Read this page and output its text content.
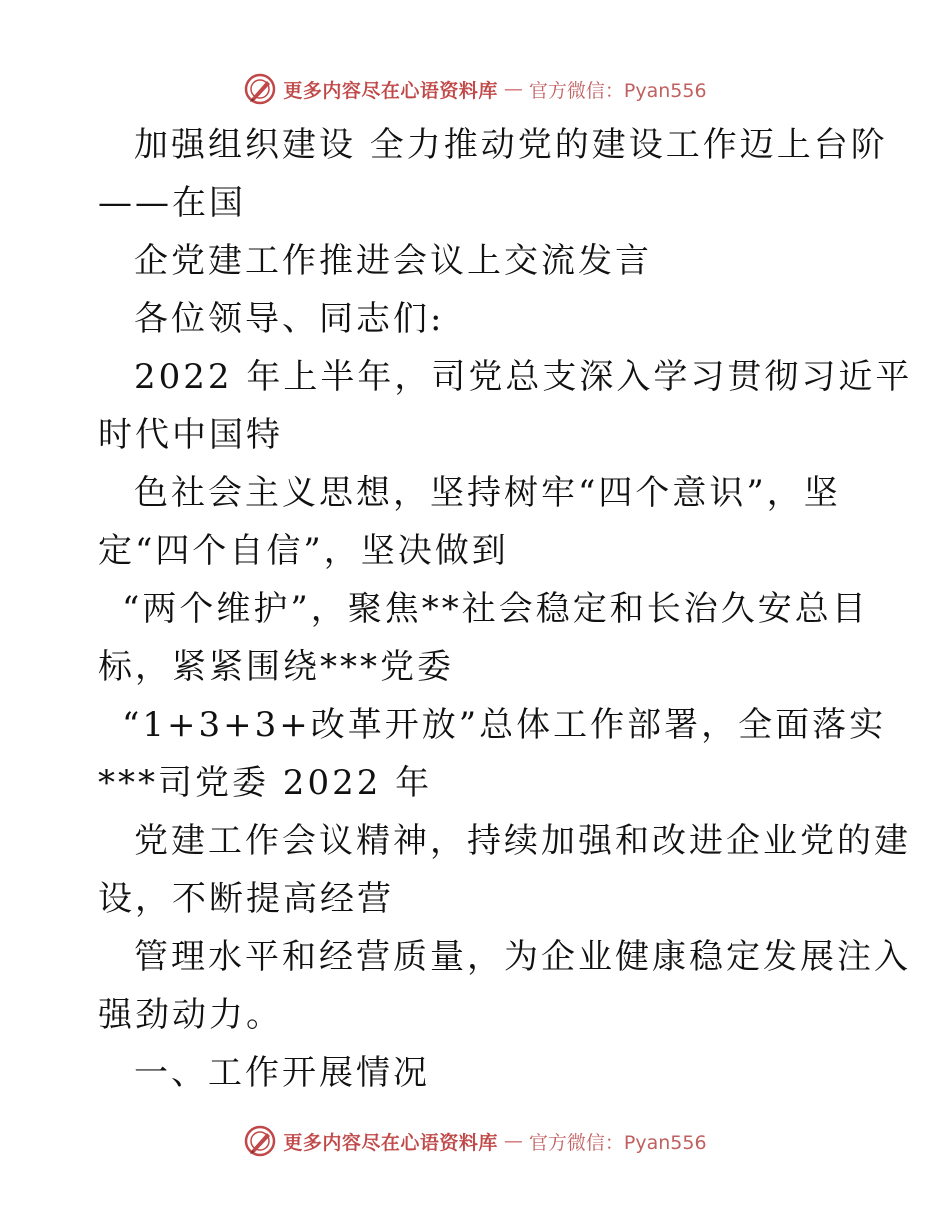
更多内容尽在心语资料库 — 官方微信：Pyan556
加强组织建设 全力推动党的建设工作迈上台阶
——在国
企党建工作推进会议上交流发言
各位领导、同志们:
2022 年上半年，司党总支深入学习贯彻习近平
时代中国特
色社会主义思想，坚持树牢“四个意识”，坚
定“四个自信”，坚决做到
“两个维护”，聚焦**社会稳定和长治久安总目
标，紧紧围绕***党委
“1+3+3+改革开放”总体工作部署，全面落实
***司党委 2022 年
党建工作会议精神，持续加强和改进企业党的建
设，不断提高经营
管理水平和经营质量，为企业健康稳定发展注入
强劲动力。
一、工作开展情况
更多内容尽在心语资料库 — 官方微信：Pyan556
